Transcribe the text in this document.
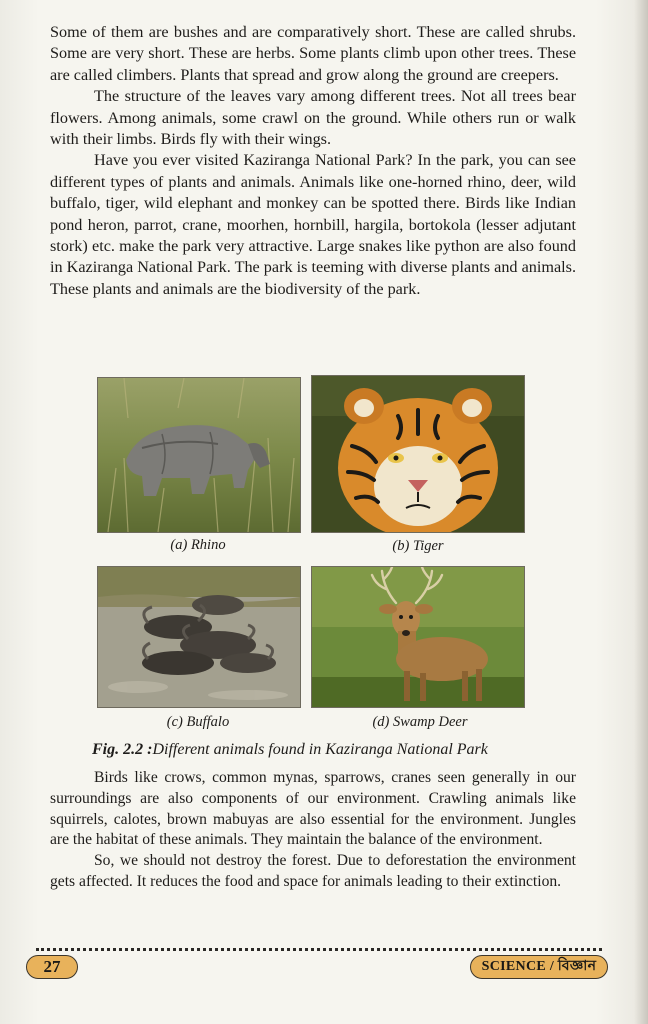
Some of them are bushes and are comparatively short. These are called shrubs. Some are very short. These are herbs. Some plants climb upon other trees. These are called climbers. Plants that spread and grow along the ground are creepers.

The structure of the leaves vary among different trees. Not all trees bear flowers. Among animals, some crawl on the ground. While others run or walk with their limbs. Birds fly with their wings.

Have you ever visited Kaziranga National Park? In the park, you can see different types of plants and animals. Animals like one-horned rhino, deer, wild buffalo, tiger, wild elephant and monkey can be spotted there. Birds like Indian pond heron, parrot, crane, moorhen, hornbill, hargila, bortokola (lesser adjutant stork) etc. make the park very attractive. Large snakes like python are also found in Kaziranga National Park. The park is teeming with diverse plants and animals. These plants and animals are the biodiversity of the park.

(a) Rhino	(b) Tiger
(c) Buffalo	(d) Swamp Deer
Fig. 2.2 :Different animals found in Kaziranga National Park

Birds like crows, common mynas, sparrows, cranes seen generally in our surroundings are also components of our environment. Crawling animals like squirrels, calotes, brown mabuyas are also essential for the environment. Jungles are the habitat of these animals. They maintain the balance of the environment.

So, we should not destroy the forest. Due to deforestation the environment gets affected. It reduces the food and space for animals leading to their extinction.

27	SCIENCE / বিজ্ঞান
